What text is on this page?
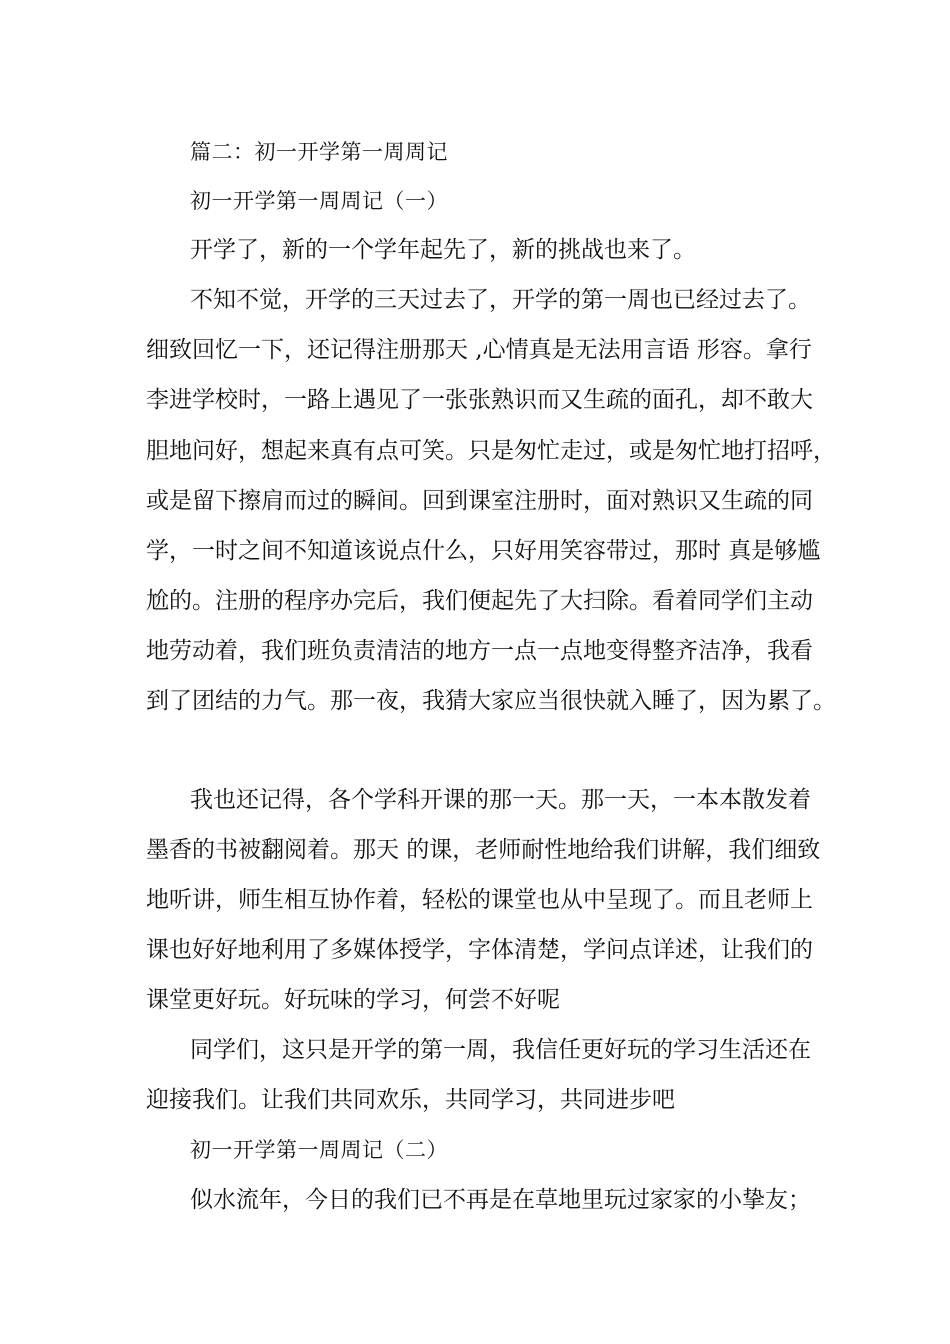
篇二：初一开学第一周周记
初一开学第一周周记（一）
开学了，新的一个学年起先了，新的挑战也来了。
不知不觉，开学的三天过去了，开学的第一周也已经过去了。
细致回忆一下，还记得注册那天 ,心情真是无法用言语 形容。拿行
李进学校时，一路上遇见了一张张熟识而又生疏的面孔，却不敢大
胆地问好，想起来真有点可笑。只是匆忙走过，或是匆忙地打招呼，
或是留下擦肩而过的瞬间。回到课室注册时，面对熟识又生疏的同
学，一时之间不知道该说点什么，只好用笑容带过，那时 真是够尴
尬的。注册的程序办完后，我们便起先了大扫除。看着同学们主动
地劳动着，我们班负责清洁的地方一点一点地变得整齐洁净，我看
到了团结的力气。那一夜，我猜大家应当很快就入睡了，因为累了。
我也还记得，各个学科开课的那一天。那一天，一本本散发着
墨香的书被翻阅着。那天 的课，老师耐性地给我们讲解，我们细致
地听讲，师生相互协作着，轻松的课堂也从中呈现了。而且老师上
课也好好地利用了多媒体授学，字体清楚，学问点详述，让我们的
课堂更好玩。好玩味的学习，何尝不好呢
同学们，这只是开学的第一周，我信任更好玩的学习生活还在
迎接我们。让我们共同欢乐，共同学习，共同进步吧
初一开学第一周周记（二）
似水流年，今日的我们已不再是在草地里玩过家家的小挚友；
